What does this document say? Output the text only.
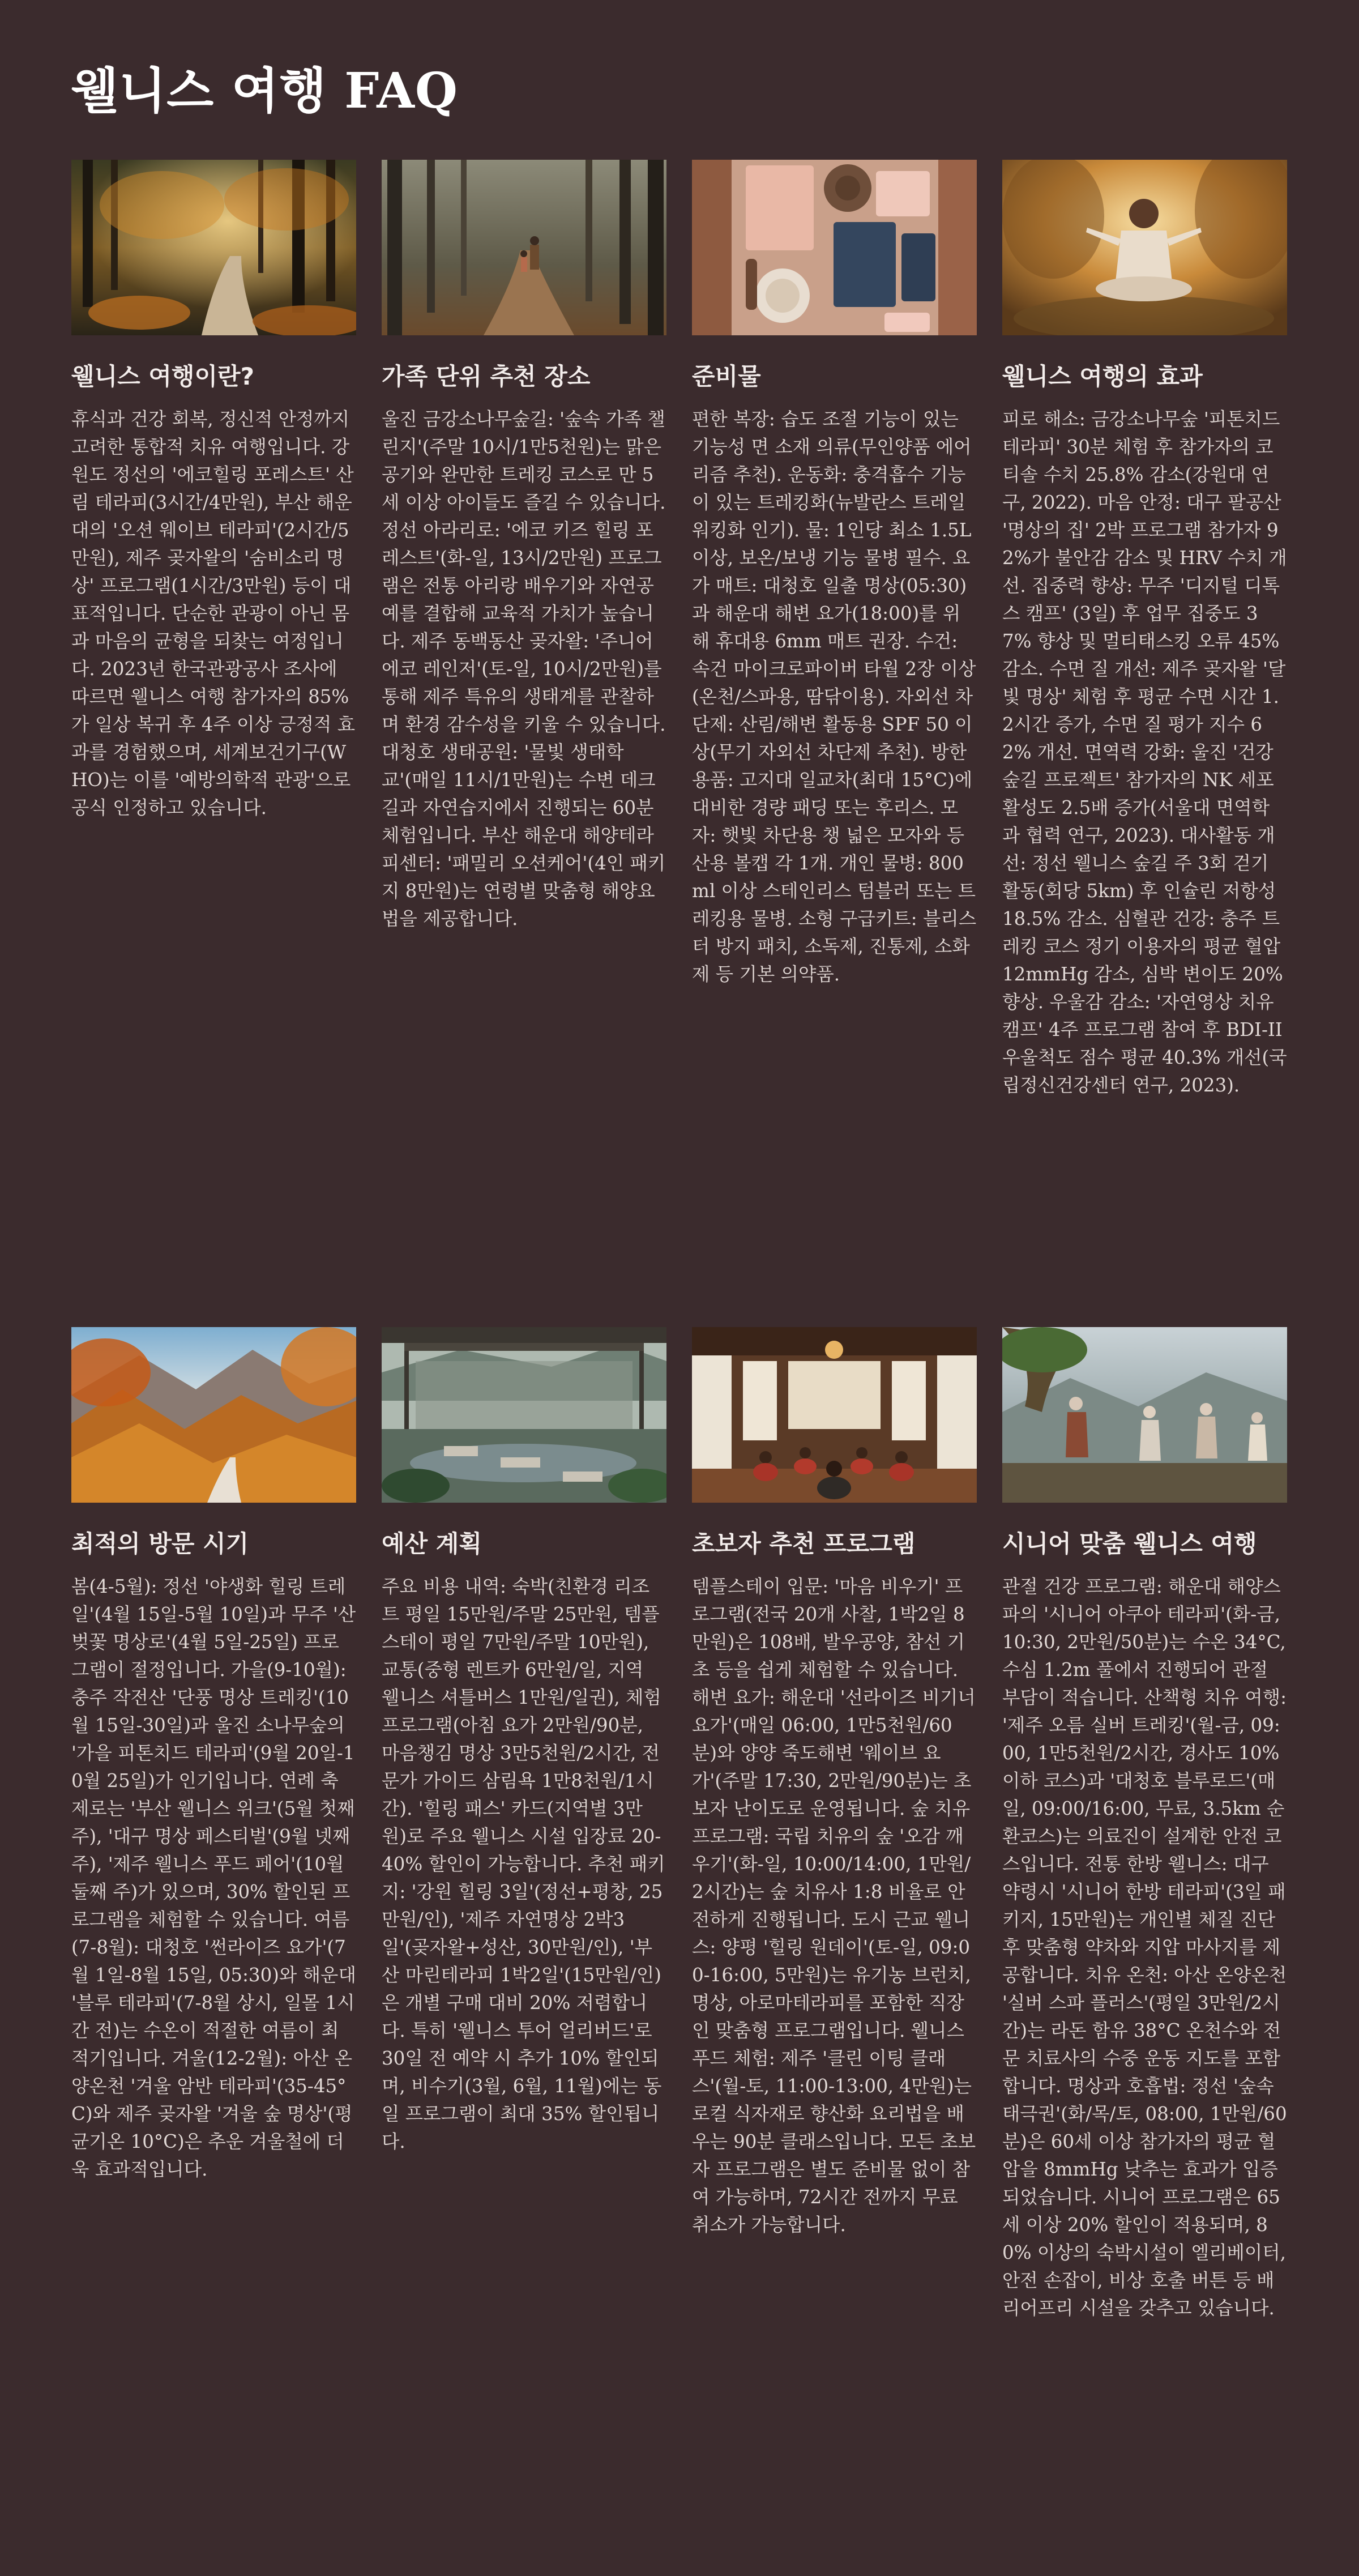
웰니스 여행 FAQ
웰니스 여행이란?

휴식과 건강 회복, 정신적 안정까지 고려한 통합적 치유 여행입니다. 강원도 정선의 '에코힐링 포레스트' 산림 테라피(3시간/4만원), 부산 해운대의 '오션 웨이브 테라피'(2시간/5만원), 제주 곶자왈의 '숨비소리 명상' 프로그램(1시간/3만원) 등이 대표적입니다. 단순한 관광이 아닌 몸과 마음의 균형을 되찾는 여정입니다. 2023년 한국관광공사 조사에 따르면 웰니스 여행 참가자의 85%가 일상 복귀 후 4주 이상 긍정적 효과를 경험했으며, 세계보건기구(WHO)는 이를 '예방의학적 관광'으로 공식 인정하고 있습니다.

가족 단위 추천 장소

울진 금강소나무숲길: '숲속 가족 챌린지'(주말 10시/1만5천원)는 맑은 공기와 완만한 트레킹 코스로 만 5세 이상 아이들도 즐길 수 있습니다. 정선 아라리로: '에코 키즈 힐링 포레스트'(화-일, 13시/2만원) 프로그램은 전통 아리랑 배우기와 자연공예를 결합해 교육적 가치가 높습니다. 제주 동백동산 곶자왈: '주니어 에코 레인저'(토-일, 10시/2만원)를 통해 제주 특유의 생태계를 관찰하며 환경 감수성을 키울 수 있습니다. 대청호 생태공원: '물빛 생태학교'(매일 11시/1만원)는 수변 데크길과 자연습지에서 진행되는 60분 체험입니다. 부산 해운대 해양테라피센터: '패밀리 오션케어'(4인 패키지 8만원)는 연령별 맞춤형 해양요법을 제공합니다.

준비물

편한 복장: 습도 조절 기능이 있는 기능성 면 소재 의류(무인양품 에어리즘 추천). 운동화: 충격흡수 기능이 있는 트레킹화(뉴발란스 트레일워킹화 인기). 물: 1인당 최소 1.5L 이상, 보온/보냉 기능 물병 필수. 요가 매트: 대청호 일출 명상(05:30)과 해운대 해변 요가(18:00)를 위해 휴대용 6mm 매트 권장. 수건: 속건 마이크로파이버 타월 2장 이상(온천/스파용, 땀닦이용). 자외선 차단제: 산림/해변 활동용 SPF 50 이상(무기 자외선 차단제 추천). 방한용품: 고지대 일교차(최대 15°C)에 대비한 경량 패딩 또는 후리스. 모자: 햇빛 차단용 챙 넓은 모자와 등산용 볼캡 각 1개. 개인 물병: 800ml 이상 스테인리스 텀블러 또는 트레킹용 물병. 소형 구급키트: 블리스터 방지 패치, 소독제, 진통제, 소화제 등 기본 의약품.

웰니스 여행의 효과

피로 해소: 금강소나무숲 '피톤치드 테라피' 30분 체험 후 참가자의 코티솔 수치 25.8% 감소(강원대 연구, 2022). 마음 안정: 대구 팔공산 '명상의 집' 2박 프로그램 참가자 92%가 불안감 감소 및 HRV 수치 개선. 집중력 향상: 무주 '디지털 디톡스 캠프' (3일) 후 업무 집중도 37% 향상 및 멀티태스킹 오류 45% 감소. 수면 질 개선: 제주 곶자왈 '달빛 명상' 체험 후 평균 수면 시간 1.2시간 증가, 수면 질 평가 지수 62% 개선. 면역력 강화: 울진 '건강숲길 프로젝트' 참가자의 NK 세포 활성도 2.5배 증가(서울대 면역학과 협력 연구, 2023). 대사활동 개선: 정선 웰니스 숲길 주 3회 걷기 활동(회당 5km) 후 인슐린 저항성 18.5% 감소. 심혈관 건강: 충주 트레킹 코스 정기 이용자의 평균 혈압 12mmHg 감소, 심박 변이도 20% 향상. 우울감 감소: '자연영상 치유캠프' 4주 프로그램 참여 후 BDI-II 우울척도 점수 평균 40.3% 개선(국립정신건강센터 연구, 2023).

최적의 방문 시기

봄(4-5월): 정선 '야생화 힐링 트레일'(4월 15일-5월 10일)과 무주 '산벚꽃 명상로'(4월 5일-25일) 프로그램이 절정입니다. 가을(9-10월): 충주 작전산 '단풍 명상 트레킹'(10월 15일-30일)과 울진 소나무숲의 '가을 피톤치드 테라피'(9월 20일-10월 25일)가 인기입니다. 연례 축제로는 '부산 웰니스 위크'(5월 첫째 주), '대구 명상 페스티벌'(9월 넷째 주), '제주 웰니스 푸드 페어'(10월 둘째 주)가 있으며, 30% 할인된 프로그램을 체험할 수 있습니다. 여름(7-8월): 대청호 '썬라이즈 요가'(7월 1일-8월 15일, 05:30)와 해운대 '블루 테라피'(7-8월 상시, 일몰 1시간 전)는 수온이 적절한 여름이 최적기입니다. 겨울(12-2월): 아산 온양온천 '겨울 암반 테라피'(35-45°C)와 제주 곶자왈 '겨울 숲 명상'(평균기온 10°C)은 추운 겨울철에 더욱 효과적입니다.

예산 계획

주요 비용 내역: 숙박(친환경 리조트 평일 15만원/주말 25만원, 템플스테이 평일 7만원/주말 10만원), 교통(중형 렌트카 6만원/일, 지역 웰니스 셔틀버스 1만원/일권), 체험 프로그램(아침 요가 2만원/90분, 마음챙김 명상 3만5천원/2시간, 전문가 가이드 삼림욕 1만8천원/1시간). '힐링 패스' 카드(지역별 3만원)로 주요 웰니스 시설 입장료 20-40% 할인이 가능합니다. 추천 패키지: '강원 힐링 3일'(정선+평창, 25만원/인), '제주 자연명상 2박3일'(곶자왈+성산, 30만원/인), '부산 마린테라피 1박2일'(15만원/인)은 개별 구매 대비 20% 저렴합니다. 특히 '웰니스 투어 얼리버드'로 30일 전 예약 시 추가 10% 할인되며, 비수기(3월, 6월, 11월)에는 동일 프로그램이 최대 35% 할인됩니다.

초보자 추천 프로그램

템플스테이 입문: '마음 비우기' 프로그램(전국 20개 사찰, 1박2일 8만원)은 108배, 발우공양, 참선 기초 등을 쉽게 체험할 수 있습니다. 해변 요가: 해운대 '선라이즈 비기너 요가'(매일 06:00, 1만5천원/60분)와 양양 죽도해변 '웨이브 요가'(주말 17:30, 2만원/90분)는 초보자 난이도로 운영됩니다. 숲 치유 프로그램: 국립 치유의 숲 '오감 깨우기'(화-일, 10:00/14:00, 1만원/2시간)는 숲 치유사 1:8 비율로 안전하게 진행됩니다. 도시 근교 웰니스: 양평 '힐링 원데이'(토-일, 09:00-16:00, 5만원)는 유기농 브런치, 명상, 아로마테라피를 포함한 직장인 맞춤형 프로그램입니다. 웰니스 푸드 체험: 제주 '클린 이팅 클래스'(월-토, 11:00-13:00, 4만원)는 로컬 식자재로 향산화 요리법을 배우는 90분 클래스입니다. 모든 초보자 프로그램은 별도 준비물 없이 참여 가능하며, 72시간 전까지 무료 취소가 가능합니다.

시니어 맞춤 웰니스 여행

관절 건강 프로그램: 해운대 해양스파의 '시니어 아쿠아 테라피'(화-금, 10:30, 2만원/50분)는 수온 34°C, 수심 1.2m 풀에서 진행되어 관절 부담이 적습니다. 산책형 치유 여행: '제주 오름 실버 트레킹'(월-금, 09:00, 1만5천원/2시간, 경사도 10% 이하 코스)과 '대청호 블루로드'(매일, 09:00/16:00, 무료, 3.5km 순환코스)는 의료진이 설계한 안전 코스입니다. 전통 한방 웰니스: 대구 약령시 '시니어 한방 테라피'(3일 패키지, 15만원)는 개인별 체질 진단 후 맞춤형 약차와 지압 마사지를 제공합니다. 치유 온천: 아산 온양온천 '실버 스파 플러스'(평일 3만원/2시간)는 라돈 함유 38°C 온천수와 전문 치료사의 수중 운동 지도를 포함합니다. 명상과 호흡법: 정선 '숲속 태극권'(화/목/토, 08:00, 1만원/60분)은 60세 이상 참가자의 평균 혈압을 8mmHg 낮추는 효과가 입증되었습니다. 시니어 프로그램은 65세 이상 20% 할인이 적용되며, 80% 이상의 숙박시설이 엘리베이터, 안전 손잡이, 비상 호출 버튼 등 배리어프리 시설을 갖추고 있습니다.
